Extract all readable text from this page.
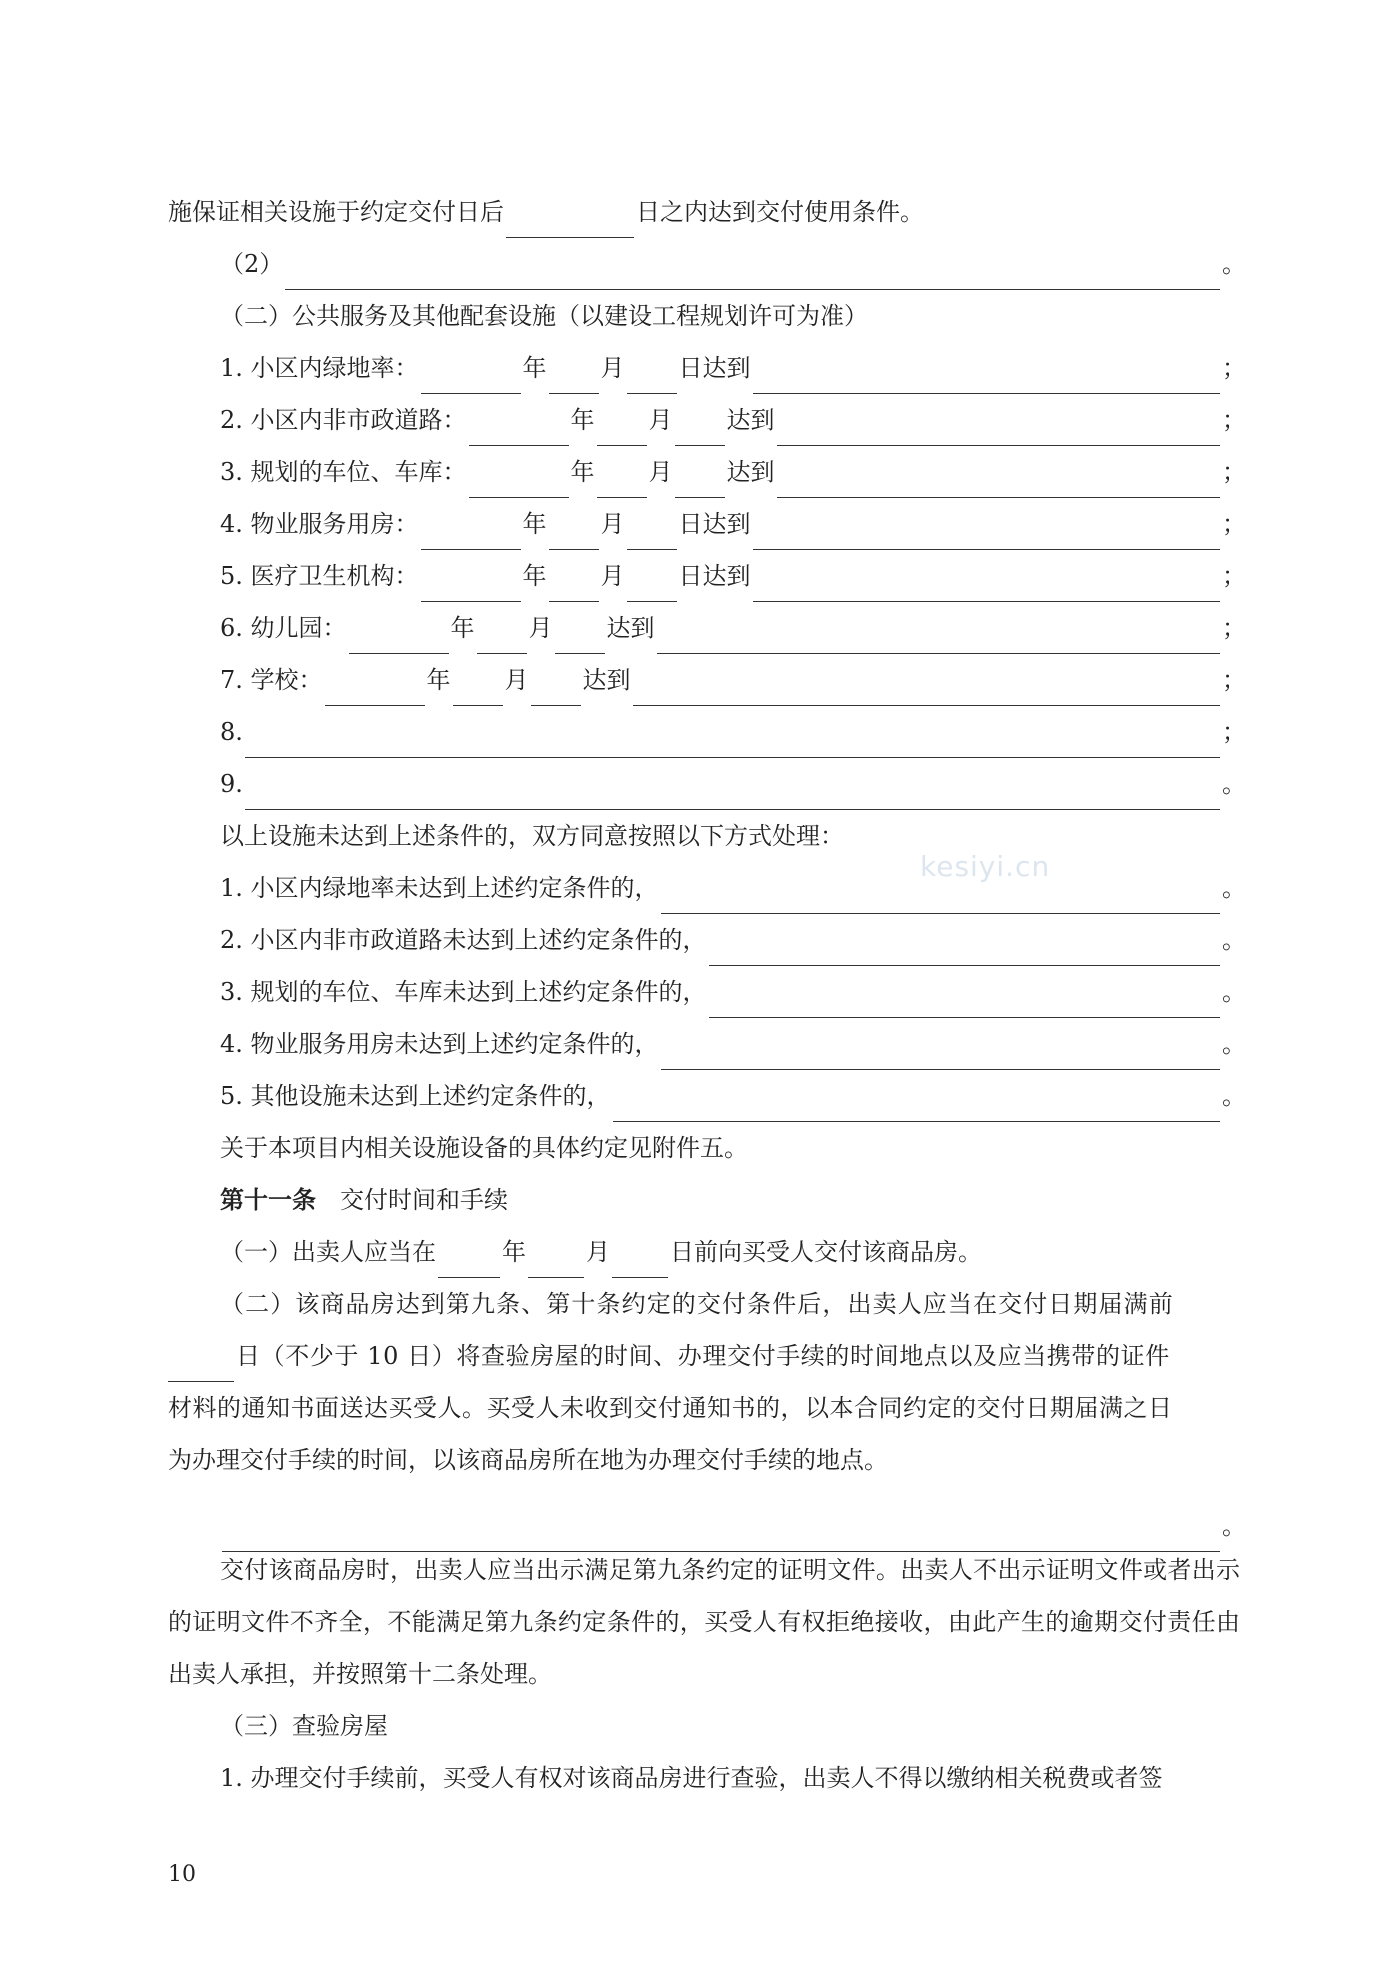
施保证相关设施于约定交付日后	日之内达到交付使用条件。
（2）	。
（二）公共服务及其他配套设施（以建设工程规划许可为准）
1. 小区内绿地率：	年 月 日达到	；
2. 小区内非市政道路：	年 月 达到	；
3. 规划的车位、车库：	年 月 达到	；
4. 物业服务用房：	年 月 日达到	；
5. 医疗卫生机构：	年 月 日达到	；
6. 幼儿园：	年 月 达到	；
7. 学校：	年 月 达到	；
8.	；
9.	。
以上设施未达到上述条件的，双方同意按照以下方式处理：
1. 小区内绿地率未达到上述约定条件的，	。
2. 小区内非市政道路未达到上述约定条件的，	。
3. 规划的车位、车库未达到上述约定条件的，	。
4. 物业服务用房未达到上述约定条件的，	。
5. 其他设施未达到上述约定条件的，	。
关于本项目内相关设施设备的具体约定见附件五。
第十一条 交付时间和手续
（一）出卖人应当在	年	月	日前向买受人交付该商品房。
（二）该商品房达到第九条、第十条约定的交付条件后，出卖人应当在交付日期届满前
日（不少于 10 日）将查验房屋的时间、办理交付手续的时间地点以及应当携带的证件
材料的通知书面送达买受人。买受人未收到交付通知书的，以本合同约定的交付日期届满之日
为办理交付手续的时间，以该商品房所在地为办理交付手续的地点。
。
交付该商品房时，出卖人应当出示满足第九条约定的证明文件。出卖人不出示证明文件或者出示的证明文件不齐全，不能满足第九条约定条件的，买受人有权拒绝接收，由此产生的逾期交付责任由出卖人承担，并按照第十二条处理。
（三）查验房屋
1. 办理交付手续前，买受人有权对该商品房进行查验，出卖人不得以缴纳相关税费或者签
10
kesiyi.cn
